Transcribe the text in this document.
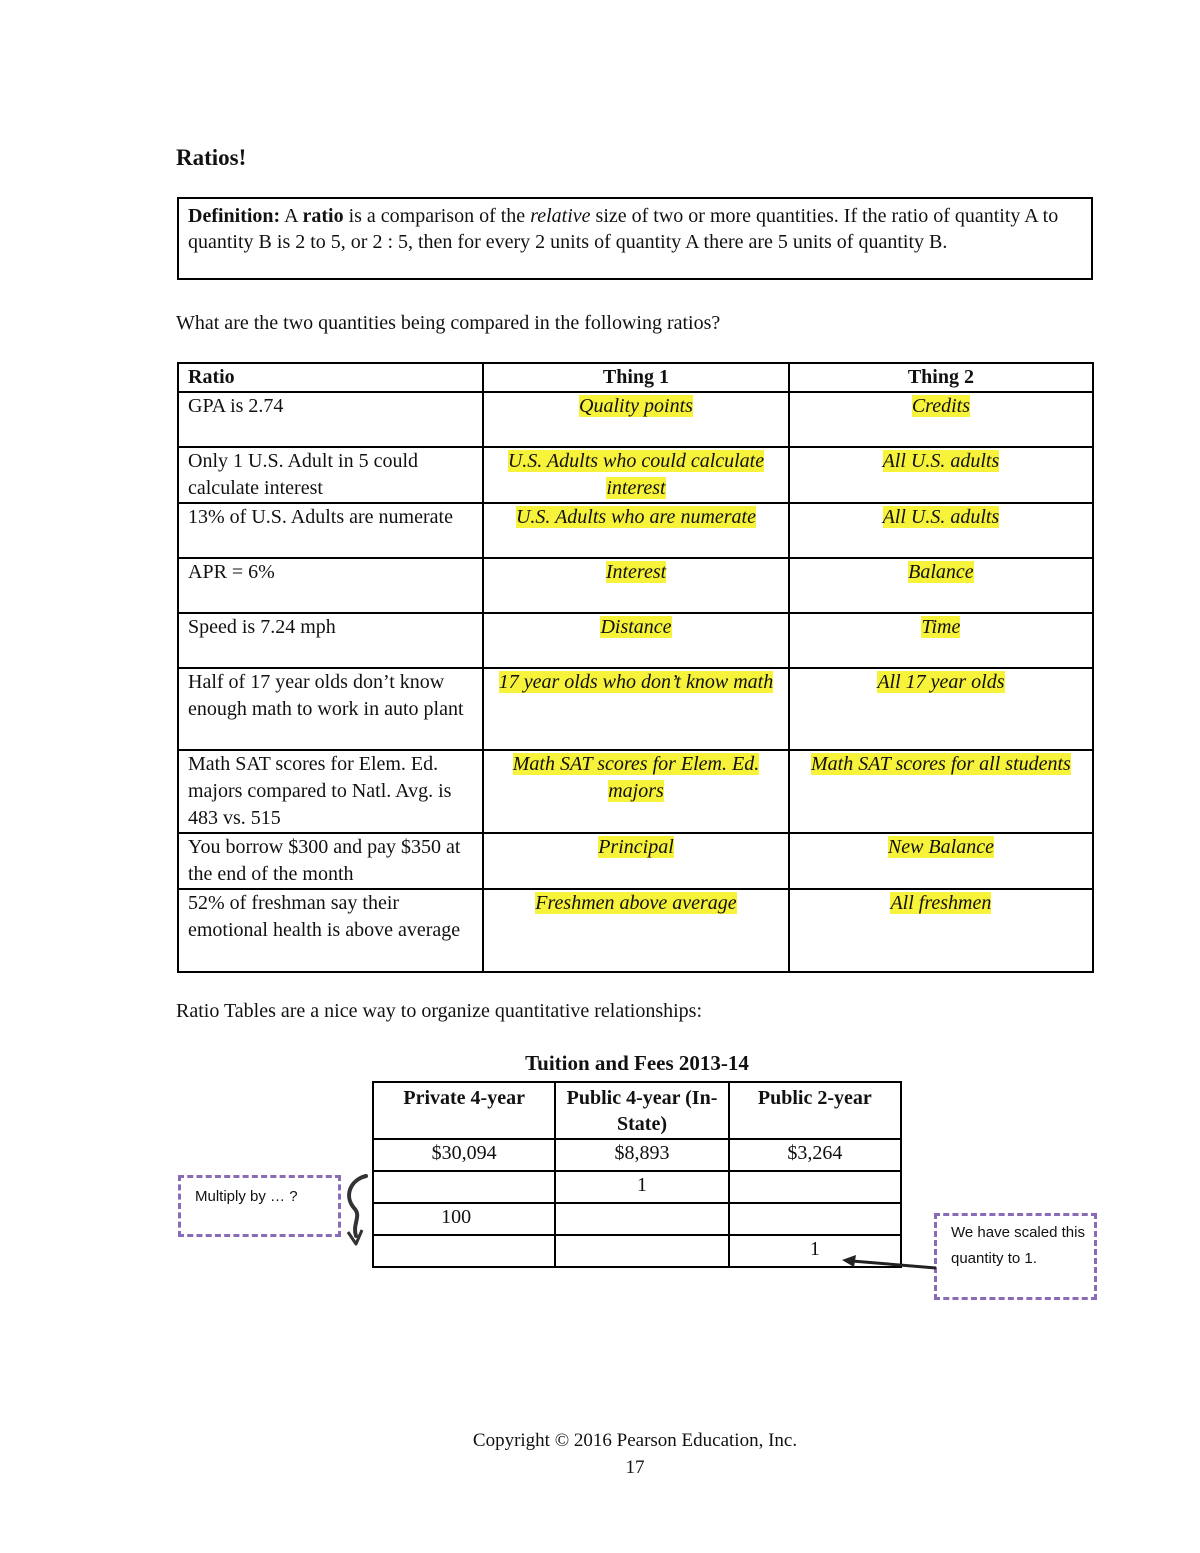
Ratios!
Definition: A ratio is a comparison of the relative size of two or more quantities. If the ratio of quantity A to quantity B is 2 to 5, or 2 : 5, then for every 2 units of quantity A there are 5 units of quantity B.
What are the two quantities being compared in the following ratios?
Ratio	Thing 1	Thing 2
GPA is 2.74	Quality points	Credits
Only 1 U.S. Adult in 5 could calculate interest	U.S. Adults who could calculate interest	All U.S. adults
13% of U.S. Adults are numerate	U.S. Adults who are numerate	All U.S. adults
APR = 6%	Interest	Balance
Speed is 7.24 mph	Distance	Time
Half of 17 year olds don’t know enough math to work in auto plant	17 year olds who don’t know math	All 17 year olds
Math SAT scores for Elem. Ed. majors compared to Natl. Avg. is 483 vs. 515	Math SAT scores for Elem. Ed. majors	Math SAT scores for all students
You borrow $300 and pay $350 at the end of the month	Principal	New Balance
52% of freshman say their emotional health is above average	Freshmen above average	All freshmen
Ratio Tables are a nice way to organize quantitative relationships:
Tuition and Fees 2013-14
Private 4-year	Public 4-year (In-State)	Public 2-year
$30,094	$8,893	$3,264
	1	
100		
		1
Multiply by … ?
We have scaled this quantity to 1.
Copyright © 2016 Pearson Education, Inc.
17
